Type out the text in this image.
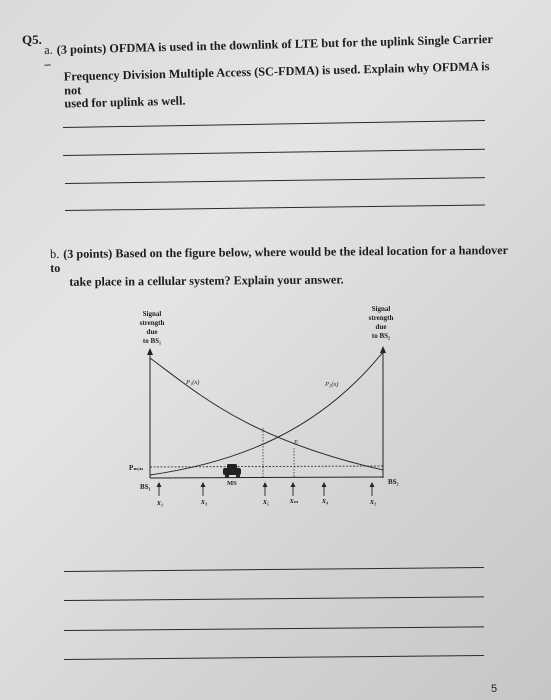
Q5.
a. (3 points) OFDMA is used in the downlink of LTE but for the uplink Single Carrier –	Frequency Division Multiple Access (SC-FDMA) is used. Explain why OFDMA is not
used for uplink as well.
b. (3 points) Based on the figure below, where would be the ideal location for a handover to
take place in a cellular system? Explain your answer.
Signal
strength
due
to BS₁
Signal
strength
due
to BS₂
Pₘᵢₙ
P₁(x)	P₂(x)
E
MS
BS₁
BS₂
X₁	X₃	X₅	Xₘ	X₄	X₂
5
